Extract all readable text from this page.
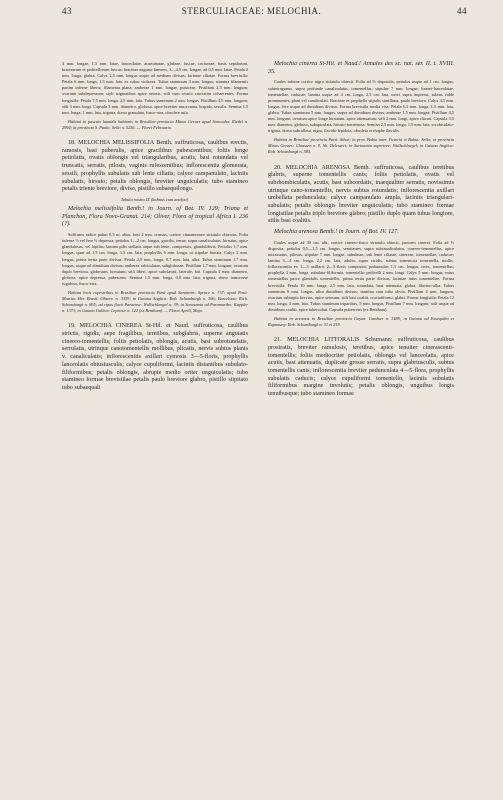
43	STERCULIACEAE: MELOCHIA.	44

4 mm. longae, 1,5 mm. latae, lanceolatae, acuminatae, glabrae, fuscae, coriaceae; basis sepalorum, bractearum et pedicellorum fuscus; bracteae anguste lineares, 3—4,5 cm. longae, ad 0,5 mm. latae. Petala 2 mm. longa, glabra. Calyx 2,5 mm. longus usque ad medium divisus; laciniae ciliatae. Forma brevistila: Petala 6 mm. longa, 1,5 mm. lata, ex rubro violacea. Tubus staminum 3 mm. longus; stamina filamentis partim inferne liberis; filamenta plana; antherae 1 mm. longae, puniceae. Pistillum 2,5 mm. longum; ovarium subdepressum; styli stigmatibus apice setosis; stili cum ovario cruciatim cohaerentes. Forma longistila: Petala 7,5 mm. longa, 2,5 mm. lata. Tubus staminum 2 mm. longus. Pistillum 4,5 mm. longum; stili 3 mm. longi. Capsula 3 mm. diametro, globosa, apice breviter mucronata, hispida, sessilis. Semina 1,5 mm. longa, 1 mm. lata, trigona, dorso granulata, fusco-atra, obsolete rufa.

Habitat in pascuis humidis bahianis in Brasiliae provincia Minas Geraes apud Sorocaba: Riedel n. 2994; in provincia S. Paulo: Sello n. 5256. — Floret Februario.

18. MELOCHIA MELISSIFOLIA Benth. suffruticosa, caulibus erectis, ramosis, basi puberulis, apice gracilibus pubescentibus; foliis longe petiolatis, ovatis oblongis vel triangularibus, acutis, basi rotundatis vel truncatis, serratis, pilosis, vaginis rufescentibus; inflorescentia glomerata, sessili, prophyllis subulatis sub lente ciliatis; calyce campanulato, laciniis subulatis, hirsuto; petalis oblongis, breviter unguiculatis; tubo stamineo petalis triente breviore, diviso, pistillo subaequilongo.

Tabula nostra IX (habitus cum analysi).

Melochia melissifolia Benth.! in Journ. of Bot. IV. 129; Triana et Planchon, Flora Novo-Granat. 214; Oliver, Flora of tropical Africa I. 236 (?).

Suffrutex radice palari 0,5 m. altus, basi 2 mm. crassus, cortice cinnamomeo striatulo obtectus. Folia inferne ⅓ vel fere ⅔ depressa; petiolus 1—2 cm. longus, gracilis, tenue, supra canaliculatus, hirsutus, apice glandulosus, vel bipilus; lamina pilis stellatis atque sub lente, compressis, glanduliferis; Petiolus 1,7 mm. longus, quae ad 1,5 cm. longa, 1,5 cm. lata; prophyllis 6 mm. longa, ut stipulae lineata. Calyx 2 mm. longus, prima tertia parte divisus. Petala 2,5 mm. longa, 0,7 mm. lata, alba. Tubus staminum 1,7 mm. longus, usque ad dimidium divisus; antherae orbiculatae, subglobosae. Pistillum 1,7 mm. longum; ovarium duplo breviora, globosum, hirsutum; stili liberi, apice subclavati, laterale, lati. Capsula 2 mm. diametro, globosa, apice depressa, pubescens. Semina 1,5 mm. longa, 0,8 mm. lata, trigona, dorso transverse rugulosa, fusco-atra.

Habitat locis rupestribus in Brasiliae provincia Pará apud Santarem: Spruce n. 737; apud Pará: Martius Her. Brasil. Observ. n. 3359; in Guiana Anglica: Rob. Schomburgk n. 366; Barcelona: Rich. Schomburgk n. 865; ad ripas fluvii Paraense: Wullschlaegel n. 39; in Surinamia ad Paramaribo: Kappler n. 1373; in Guiana Gallica: Leprieur n. 122 (ex Bentham). — Floret Aprili, Majo.

19. MELOCHIA CINEREA St-Hil. et Naud. suffruticosa, caulibus strictis, rigidis, aepe fragilibus, teretibus, subglabris, superne anguiatis cinereo-tomentellis; foliis petiolatis, oblongis, acutis, basi subrotundatis, serrulatis, utrinque canotomentellis mollibus, plicatis, nervis subtus planis v. canaliculatis; inflorescentiis axillari cymosis 3—5-floris, prophyllis lanceolatis obtusiusculis; calyce cupuliformi, laciniis distantibus subulato-filiformibus; petalis oblongis, abrupte medio oriter unguiculatis; tubo stamineo formae brevistilae petalis paulo breviore glabro, pistillo stipitato tubo subaequali

Melochia cinerea St-Hil. et Naud.! Annales des sc. nat. sér. II. t. XVIII. 35.

Caules inferne cortice nigro striatulo obtecti. Folia ad ⅔ dispositis; petiolus usque ad 1 cm. longus, subtetragonus, supra profunde canaliculatus, tomentellus; stipulae 7 mm. longae, lineari-lanceolatae, tomentellae, caducae; lamina usque ad 4 cm. longa, 2,5 cm. lata, nervi supra impressi, subtus valde prominentes, plani vel canaliculati. Bracteae et prophylla stipulis simillima, paulo breviora. Calyx 4,5 mm. longus, fere usque ad dimidium divisus. Forma brevistila media visa: Petala 6,5 mm. longa, 1,5 mm. lata, glabra. Tubus staminum 5 mm. longus, usque ad dimidium divisus; antherae 1,5 mm. longae. Pistillum 4,5 mm. longum; ovarium apice longe hirsutum, apice attenuatum; stili 2 mm. longi, apice clavati. Capsula 3,5 mm. diametro, globosa, subapiculata, hirsuto-tomentosa. Semina 2,5 mm. longa, 1,5 mm. lata, scrobiculato-trigona, dorso subcallosa, nigra, flavido-lepidota, obsoleta et rhaphe flavidis.

Habitat in Brasiliae provincia Pará: Sibur; in prov. Bahia inter Victoria et Bahia: Sello; in provincia Minas Geraes: Claussen n. 9, lib. Delessert; in Surinamia superiore: Wullschlaegel; in Guiana Anglica: Rob. Schomburgk n. 585.

20. MELOCHIA ARENOSA Benth. suffruticosa, caulibus teretibus glabris, superne tomentellis canis; foliis petiolatis, ovatis vel subrhombiculatis, acutis, basi subcordatis, inaequaliter serratis, novissimis utrinque cano-tomentellis, nervis subtus rotundatis; inflorescentia axillari umbellata pedunculata; calyce campanulato ampla, laciniis triangulari-subulatis; petalis oblongis breviter unguiculatis; tubo stamineo formae longistilae petalis triplo breviore glabro; pistillo duplo quam tubus longiore, stilis basi coalitis.

Melochia arenosa Benth.! in Journ. of Bot. IV. 127.

Caules usque ad 30 cm. alti, cortice cinereo-fusco striatulo obtecti, juniores cinerei. Folia ad ⅔ disposita; petiolus 0,5—1,5 cm. longus, semiterres, supra subcanaliculatus, cinereo-tomentellus, apice incrassatus, pilosus; stipulae 7 mm. longae, subulatae, sub lente ciliatae, cinereae, tomentellae, caducae; lamina 3—4 cm. longa, 2,2 cm. lata, adulta, supra viridis, subtus tomentosa tomentella, mollis. Inflorescentia ex 1—3 axillaris 2—5-floris composita; pedunculus 1,5 cm. longus, teres, tomentellus; prophylla 3 mm. longa, subulato-filiformia, tomentella; pedicelli 2 mm. longi. Calyx 5 mm. longus, extus tomentellus parce glandulis tomentellis, prima tertia parte divisus, laciniae intus tomentellae. Forma brevistila: Petala 10 mm. longa, 2,5 mm. lata, rotundata, basi attenuata, glabra, lilacino-alba. Tubus staminum 6 mm. longus, ultra dimidium divisus; stamina cum tubo obvia. Pistillum 4 mm. longum; ovarium subtriplo brevius, apice setosum; stili basi coaliti, cruciatiformi, glabri. Forma longistila: Petala 12 mm. longa, 3 mm. lata. Tubus staminum tripartitus, 5 mm. longus. Pistillum 7 mm. longum; stili usque ad dimidium coaliti, apice tuberculati. Capsula pubescens (ex Bentham).

Habitat in arenosis in Brasiliae provincia Goyaz: Gardner n. 3489; in Guiana ad Essequibo et Rupununy: Rob. Schomburgk n. 31 et 519.

21. MELOCHIA LITTORALIS Schumann: suffruticosa, caulibus prostratis, breviter ramulosis, teretibus, apice tenuiter cinerascenti-tomentellis; foliis mediocriter petiolatis, oblongis vel lanceolatis, apice acutis, basi attenuatis, duplicate grosse serratis, supra glabriusculis, subtus tomentellis canis; inflorescentia breviter pedunculata 4—5-flora, prophyllis subulatis caducis; calyce cupuliformi tomentello, laciniis subulatis filiformibus margine involutis; petalis oblongis, unguibus longis tenuibusque; tubo stamineo formae
